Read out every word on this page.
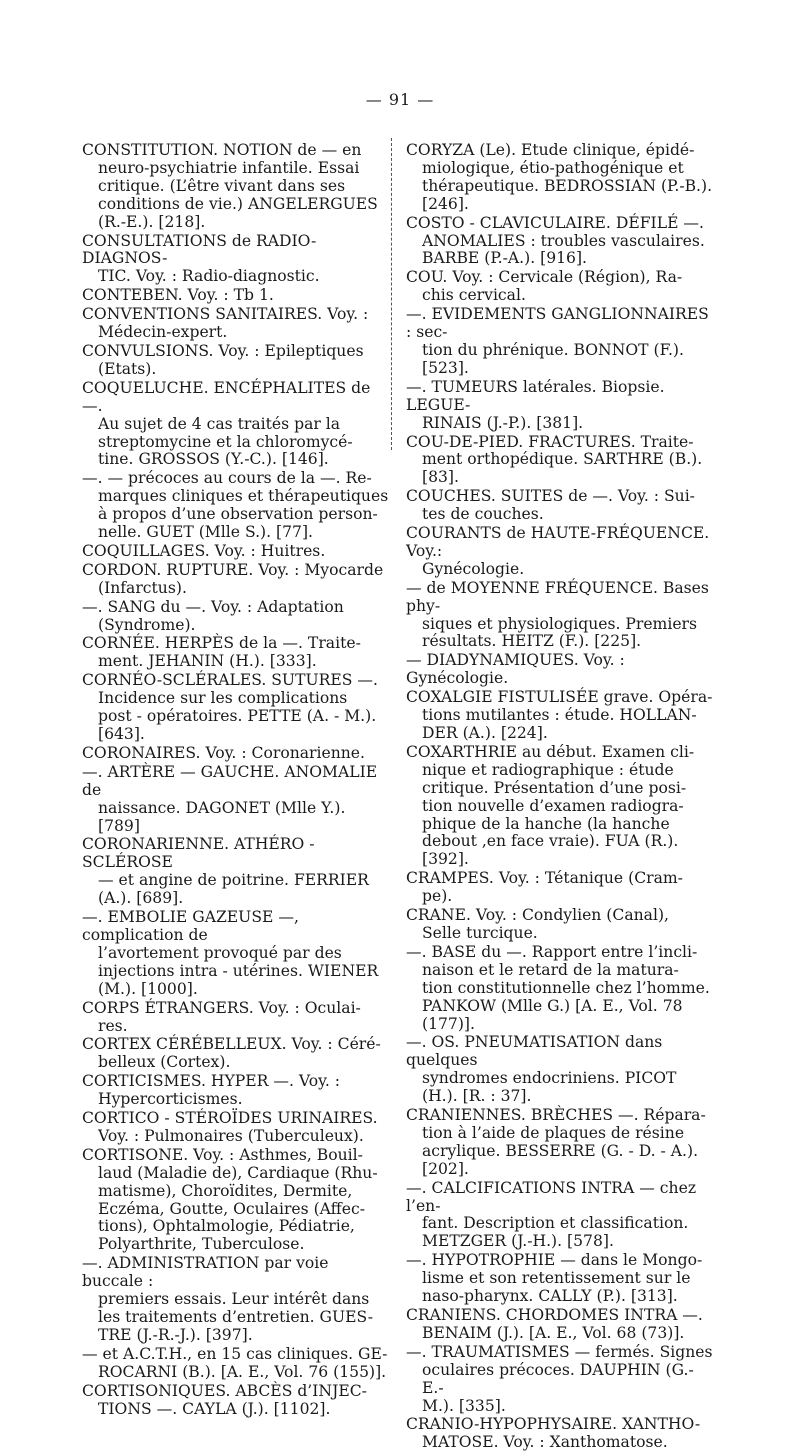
— 91 —
CONSTITUTION. NOTION de — en
neuro-psychiatrie infantile. Essai
critique. (L’être vivant dans ses
conditions de vie.) ANGELERGUES
(R.-E.). [218].
CONSULTATIONS de RADIO-DIAGNOS-
TIC. Voy. : Radio-diagnostic.
CONTEBEN. Voy. : Tb 1.
CONVENTIONS SANITAIRES. Voy. :
Médecin-expert.
CONVULSIONS. Voy. : Epileptiques
(Etats).
COQUELUCHE. ENCÉPHALITES de —.
Au sujet de 4 cas traités par la
streptomycine et la chloromycé-
tine. GROSSOS (Y.-C.). [146].
—. — précoces au cours de la —. Re-
marques cliniques et thérapeutiques
à propos d’une observation person-
nelle. GUET (Mlle S.). [77].
COQUILLAGES. Voy. : Huitres.
CORDON. RUPTURE. Voy. : Myocarde
(Infarctus).
—. SANG du —. Voy. : Adaptation
(Syndrome).
CORNÉE. HERPÈS de la —. Traite-
ment. JEHANIN (H.). [333].
CORNÉO-SCLÉRALES. SUTURES —.
Incidence sur les complications
post - opératoires. PETTE (A. - M.).
[643].
CORONAIRES. Voy. : Coronarienne.
—. ARTÈRE — GAUCHE. ANOMALIE de
naissance. DAGONET (Mlle Y.). [789]
CORONARIENNE. ATHÉRO - SCLÉROSE
— et angine de poitrine. FERRIER
(A.). [689].
—. EMBOLIE GAZEUSE —, complication de
l’avortement provoqué par des
injections intra - utérines. WIENER
(M.). [1000].
CORPS ÉTRANGERS. Voy. : Oculai-
res.
CORTEX CÉRÉBELLEUX. Voy. : Céré-
belleux (Cortex).
CORTICISMES. HYPER —. Voy. :
Hypercorticismes.
CORTICO - STÉROÏDES URINAIRES.
Voy. : Pulmonaires (Tuberculeux).
CORTISONE. Voy. : Asthmes, Bouil-
laud (Maladie de), Cardiaque (Rhu-
matisme), Choroïdites, Dermite,
Eczéma, Goutte, Oculaires (Affec-
tions), Ophtalmologie, Pédiatrie,
Polyarthrite, Tuberculose.
—. ADMINISTRATION par voie buccale :
premiers essais. Leur intérêt dans
les traitements d’entretien. GUES-
TRE (J.-R.-J.). [397].
— et A.C.T.H., en 15 cas cliniques. GE-
ROCARNI (B.). [A. E., Vol. 76 (155)].
CORTISONIQUES. ABCÈS d’INJEC-
TIONS —. CAYLA (J.). [1102].
CORYZA (Le). Etude clinique, épidé-
miologique, étio-pathogénique et
thérapeutique. BEDROSSIAN (P.-B.).
[246].
COSTO - CLAVICULAIRE. DÉFILÉ —.
ANOMALIES : troubles vasculaires.
BARBE (P.-A.). [916].
COU. Voy. : Cervicale (Région), Ra-
chis cervical.
—. EVIDEMENTS GANGLIONNAIRES : sec-
tion du phrénique. BONNOT (F.).
[523].
—. TUMEURS latérales. Biopsie. LEGUE-
RINAIS (J.-P.). [381].
COU-DE-PIED. FRACTURES. Traite-
ment orthopédique. SARTHRE (B.).
[83].
COUCHES. SUITES de —. Voy. : Sui-
tes de couches.
COURANTS de HAUTE-FRÉQUENCE. Voy.:
Gynécologie.
— de MOYENNE FRÉQUENCE. Bases phy-
siques et physiologiques. Premiers
résultats. HEITZ (F.). [225].
— DIADYNAMIQUES. Voy. : Gynécologie.
COXALGIE FISTULISÉE grave. Opéra-
tions mutilantes : étude. HOLLAN-
DER (A.). [224].
COXARTHRIE au début. Examen cli-
nique et radiographique : étude
critique. Présentation d’une posi-
tion nouvelle d’examen radiogra-
phique de la hanche (la hanche
debout ,en face vraie). FUA (R.).
[392].
CRAMPES. Voy. : Tétanique (Cram-
pe).
CRANE. Voy. : Condylien (Canal),
Selle turcique.
—. BASE du —. Rapport entre l’incli-
naison et le retard de la matura-
tion constitutionnelle chez l’homme.
PANKOW (Mlle G.) [A. E., Vol. 78
(177)].
—. OS. PNEUMATISATION dans quelques
syndromes endocriniens. PICOT
(H.). [R. : 37].
CRANIENNES. BRÈCHES —. Répara-
tion à l’aide de plaques de résine
acrylique. BESSERRE (G. - D. - A.).
[202].
—. CALCIFICATIONS INTRA — chez l’en-
fant. Description et classification.
METZGER (J.-H.). [578].
—. HYPOTROPHIE — dans le Mongo-
lisme et son retentissement sur le
naso-pharynx. CALLY (P.). [313].
CRANIENS. CHORDOMES INTRA —.
BENAIM (J.). [A. E., Vol. 68 (73)].
—. TRAUMATISMES — fermés. Signes
oculaires précoces. DAUPHIN (G.-E.-
M.). [335].
CRANIO-HYPOPHYSAIRE. XANTHO-
MATOSE. Voy. : Xanthomatose.
